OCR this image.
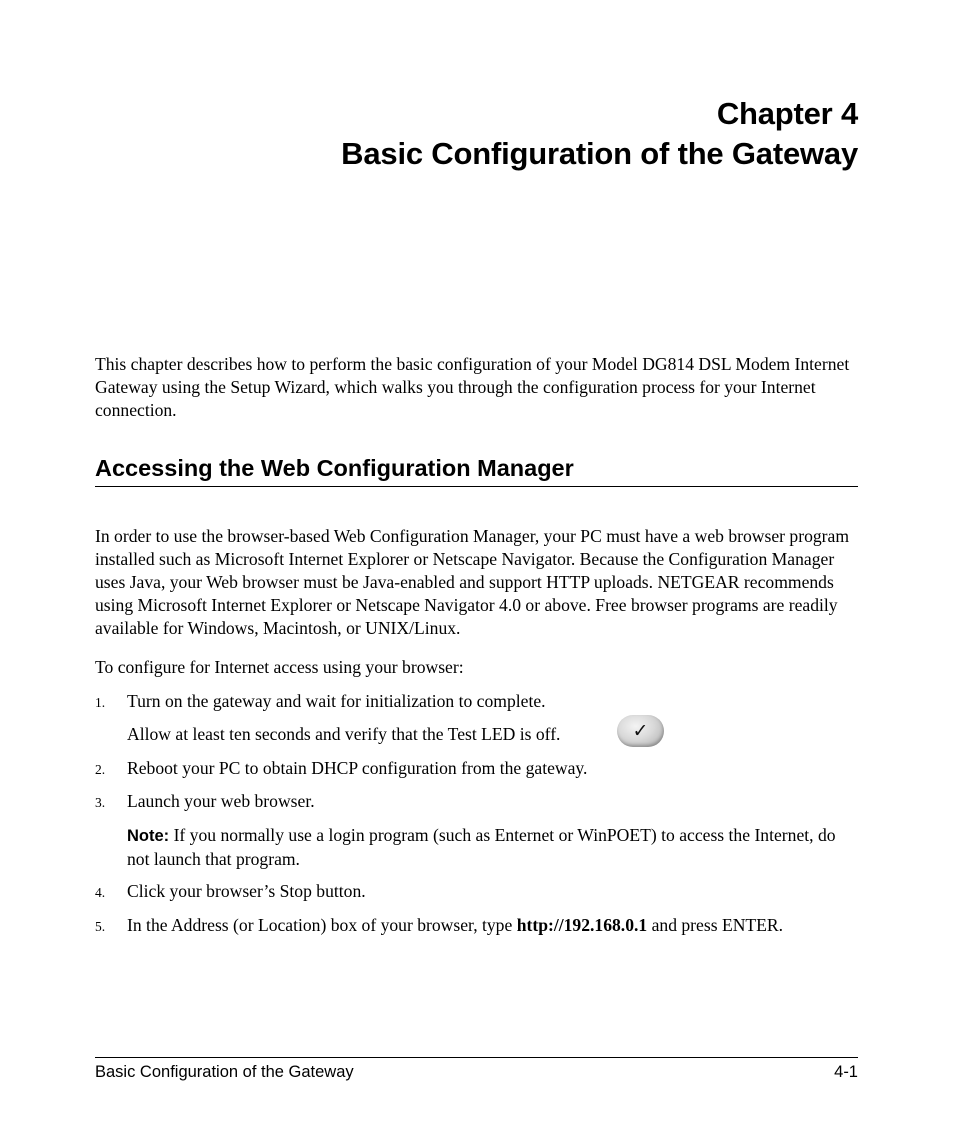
Chapter 4
Basic Configuration of the Gateway

This chapter describes how to perform the basic configuration of your Model DG814 DSL Modem Internet Gateway using the Setup Wizard, which walks you through the configuration process for your Internet connection.

Accessing the Web Configuration Manager

In order to use the browser-based Web Configuration Manager, your PC must have a web browser program installed such as Microsoft Internet Explorer or Netscape Navigator. Because the Configuration Manager uses Java, your Web browser must be Java-enabled and support HTTP uploads. NETGEAR recommends using Microsoft Internet Explorer or Netscape Navigator 4.0 or above. Free browser programs are readily available for Windows, Macintosh, or UNIX/Linux.

To configure for Internet access using your browser:

1. Turn on the gateway and wait for initialization to complete.
Allow at least ten seconds and verify that the Test LED is off.	✓
2. Reboot your PC to obtain DHCP configuration from the gateway.
3. Launch your web browser.
Note: If you normally use a login program (such as Enternet or WinPOET) to access the Internet, do not launch that program.
4. Click your browser’s Stop button.
5. In the Address (or Location) box of your browser, type http://192.168.0.1 and press ENTER.
Basic Configuration of the Gateway	4-1
